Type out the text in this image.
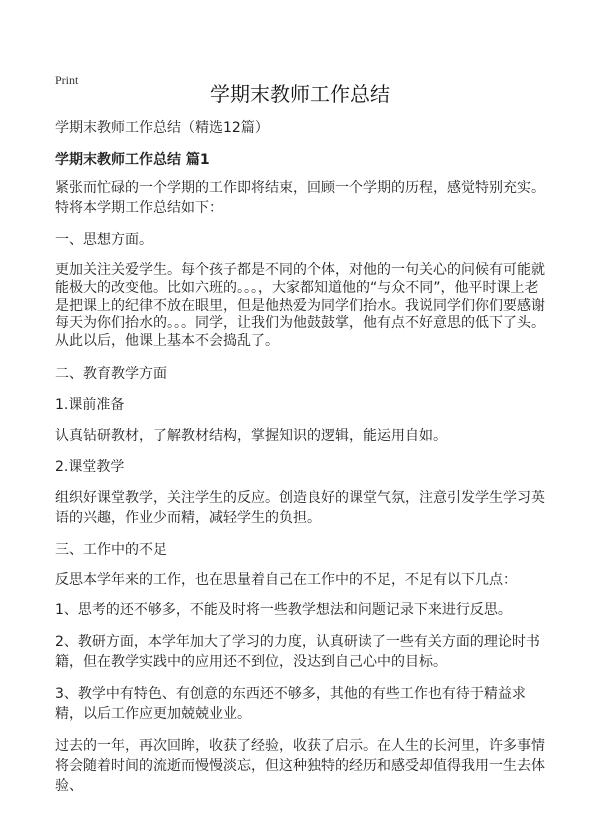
Print
学期末教师工作总结

学期末教师工作总结（精选12篇）

学期末教师工作总结 篇1

紧张而忙碌的一个学期的工作即将结束，回顾一个学期的历程，感觉特别充实。特将本学期工作总结如下：

一、思想方面。

更加关注关爱学生。每个孩子都是不同的个体，对他的一句关心的问候有可能就能极大的改变他。比如六班的。。。，大家都知道他的“与众不同”，他平时课上老是把课上的纪律不放在眼里，但是他热爱为同学们抬水。我说同学们你们要感谢每天为你们抬水的。。。同学，让我们为他鼓鼓掌，他有点不好意思的低下了头。从此以后，他课上基本不会捣乱了。

二、教育教学方面

1.课前准备

认真钻研教材，了解教材结构，掌握知识的逻辑，能运用自如。

2.课堂教学

组织好课堂教学，关注学生的反应。创造良好的课堂气氛，注意引发学生学习英语的兴趣，作业少而精，减轻学生的负担。

三、工作中的不足

反思本学年来的工作，也在思量着自己在工作中的不足，不足有以下几点：

1、思考的还不够多，不能及时将一些教学想法和问题记录下来进行反思。

2、教研方面，本学年加大了学习的力度，认真研读了一些有关方面的理论时书籍，但在教学实践中的应用还不到位，没达到自己心中的目标。

3、教学中有特色、有创意的东西还不够多，其他的有些工作也有待于精益求精，以后工作应更加兢兢业业。

过去的一年，再次回眸，收获了经验，收获了启示。在人生的长河里，许多事情将会随着时间的流逝而慢慢淡忘，但这种独特的经历和感受却值得我用一生去体验、
